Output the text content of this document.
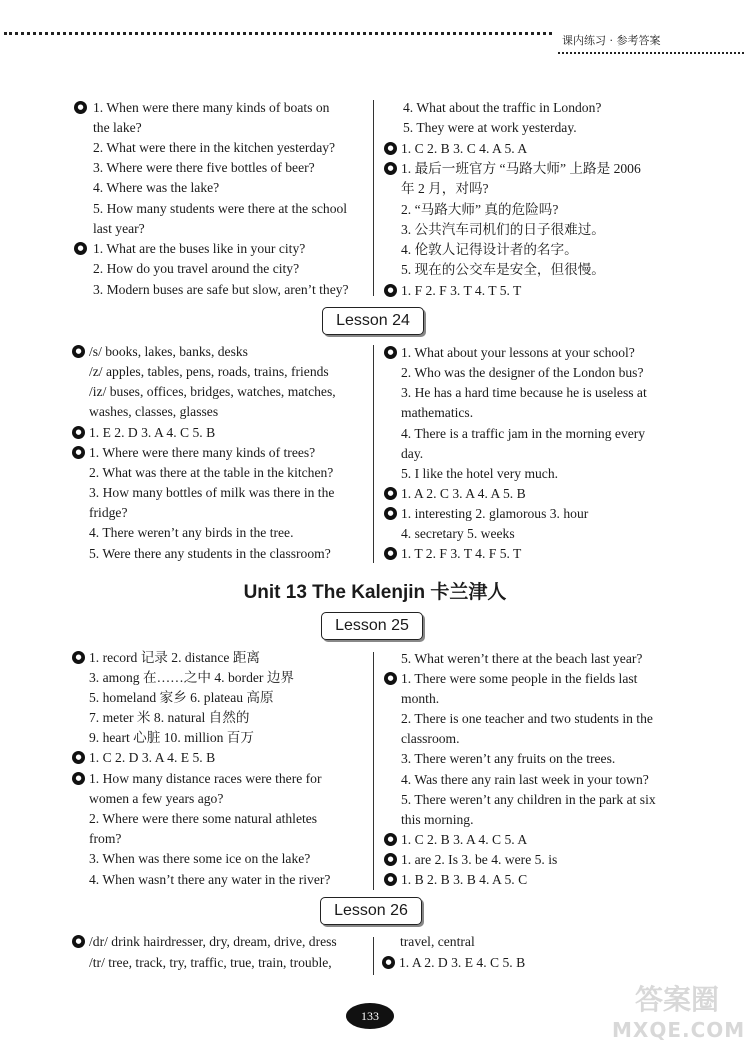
课内练习 · 参考答案
● 1. When were there many kinds of boats on
the lake?
2. What were there in the kitchen yesterday?
3. Where were there five bottles of beer?
4. Where was the lake?
5. How many students were there at the school
last year?
● 1. What are the buses like in your city?
2. How do you travel around the city?
3. Modern buses are safe but slow, aren’t they?
4. What about the traffic in London?
5. They were at work yesterday.
● 1. C 2. B 3. C 4. A 5. A
● 1. 最后一班官方 “马路大师” 上路是 2006
年 2 月，对吗?
2. “马路大师” 真的危险吗?
3. 公共汽车司机们的日子很难过。
4. 伦敦人记得设计者的名字。
5. 现在的公交车是安全，但很慢。
● 1. F 2. F 3. T 4. T 5. T
Lesson 24
● /s/ books, lakes, banks, desks
/z/ apples, tables, pens, roads, trains, friends
/iz/ buses, offices, bridges, watches, matches,
washes, classes, glasses
● 1. E 2. D 3. A 4. C 5. B
● 1. Where were there many kinds of trees?
2. What was there at the table in the kitchen?
3. How many bottles of milk was there in the
fridge?
4. There weren’t any birds in the tree.
5. Were there any students in the classroom?
● 1. What about your lessons at your school?
2. Who was the designer of the London bus?
3. He has a hard time because he is useless at
mathematics.
4. There is a traffic jam in the morning every
day.
5. I like the hotel very much.
● 1. A 2. C 3. A 4. A 5. B
● 1. interesting 2. glamorous 3. hour
4. secretary 5. weeks
● 1. T 2. F 3. T 4. F 5. T
Unit 13 The Kalenjin 卡兰津人
Lesson 25
● 1. record 记录 2. distance 距离
3. among 在……之中 4. border 边界
5. homeland 家乡 6. plateau 高原
7. meter 米 8. natural 自然的
9. heart 心脏 10. million 百万
● 1. C 2. D 3. A 4. E 5. B
● 1. How many distance races were there for
women a few years ago?
2. Where were there some natural athletes
from?
3. When was there some ice on the lake?
4. When wasn’t there any water in the river?
5. What weren’t there at the beach last year?
● 1. There were some people in the fields last
month.
2. There is one teacher and two students in the
classroom.
3. There weren’t any fruits on the trees.
4. Was there any rain last week in your town?
5. There weren’t any children in the park at six
this morning.
● 1. C 2. B 3. A 4. C 5. A
● 1. are 2. Is 3. be 4. were 5. is
● 1. B 2. B 3. B 4. A 5. C
Lesson 26
● /dr/ drink hairdresser, dry, dream, drive, dress
/tr/ tree, track, try, traffic, true, train, trouble,
travel, central
● 1. A 2. D 3. E 4. C 5. B
133	答案圈
MXQE.COM
